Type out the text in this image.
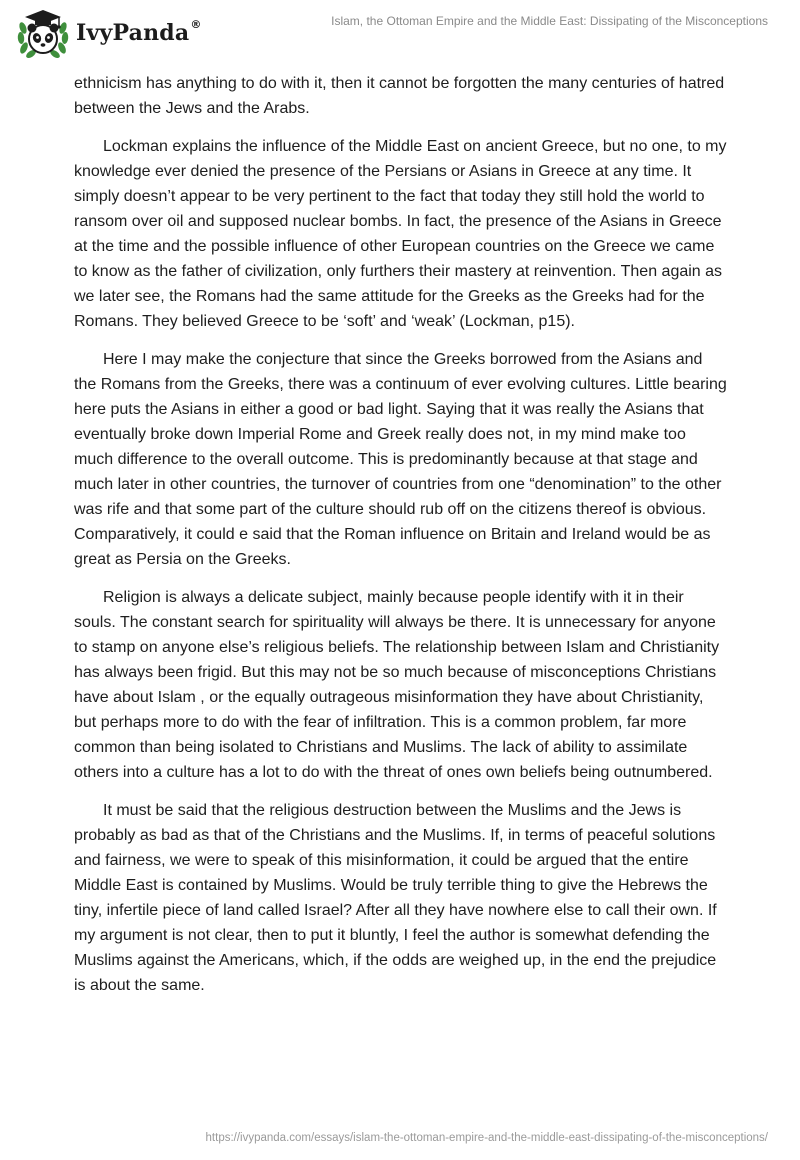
IvyPanda®	Islam, the Ottoman Empire and the Middle East: Dissipating of the Misconceptions

ethnicism has anything to do with it, then it cannot be forgotten the many centuries of hatred between the Jews and the Arabs.

Lockman explains the influence of the Middle East on ancient Greece, but no one, to my knowledge ever denied the presence of the Persians or Asians in Greece at any time. It simply doesn’t appear to be very pertinent to the fact that today they still hold the world to ransom over oil and supposed nuclear bombs. In fact, the presence of the Asians in Greece at the time and the possible influence of other European countries on the Greece we came to know as the father of civilization, only furthers their mastery at reinvention. Then again as we later see, the Romans had the same attitude for the Greeks as the Greeks had for the Romans. They believed Greece to be ‘soft’ and ‘weak’ (Lockman, p15).

Here I may make the conjecture that since the Greeks borrowed from the Asians and the Romans from the Greeks, there was a continuum of ever evolving cultures. Little bearing here puts the Asians in either a good or bad light. Saying that it was really the Asians that eventually broke down Imperial Rome and Greek really does not, in my mind make too much difference to the overall outcome. This is predominantly because at that stage and much later in other countries, the turnover of countries from one “denomination” to the other was rife and that some part of the culture should rub off on the citizens thereof is obvious. Comparatively, it could e said that the Roman influence on Britain and Ireland would be as great as Persia on the Greeks.

Religion is always a delicate subject, mainly because people identify with it in their souls. The constant search for spirituality will always be there. It is unnecessary for anyone to stamp on anyone else’s religious beliefs. The relationship between Islam and Christianity has always been frigid. But this may not be so much because of misconceptions Christians have about Islam , or the equally outrageous misinformation they have about Christianity, but perhaps more to do with the fear of infiltration. This is a common problem, far more common than being isolated to Christians and Muslims. The lack of ability to assimilate others into a culture has a lot to do with the threat of ones own beliefs being outnumbered.

It must be said that the religious destruction between the Muslims and the Jews is probably as bad as that of the Christians and the Muslims. If, in terms of peaceful solutions and fairness, we were to speak of this misinformation, it could be argued that the entire Middle East is contained by Muslims. Would be truly terrible thing to give the Hebrews the tiny, infertile piece of land called Israel? After all they have nowhere else to call their own. If my argument is not clear, then to put it bluntly, I feel the author is somewhat defending the Muslims against the Americans, which, if the odds are weighed up, in the end the prejudice is about the same.

https://ivypanda.com/essays/islam-the-ottoman-empire-and-the-middle-east-dissipating-of-the-misconceptions/
